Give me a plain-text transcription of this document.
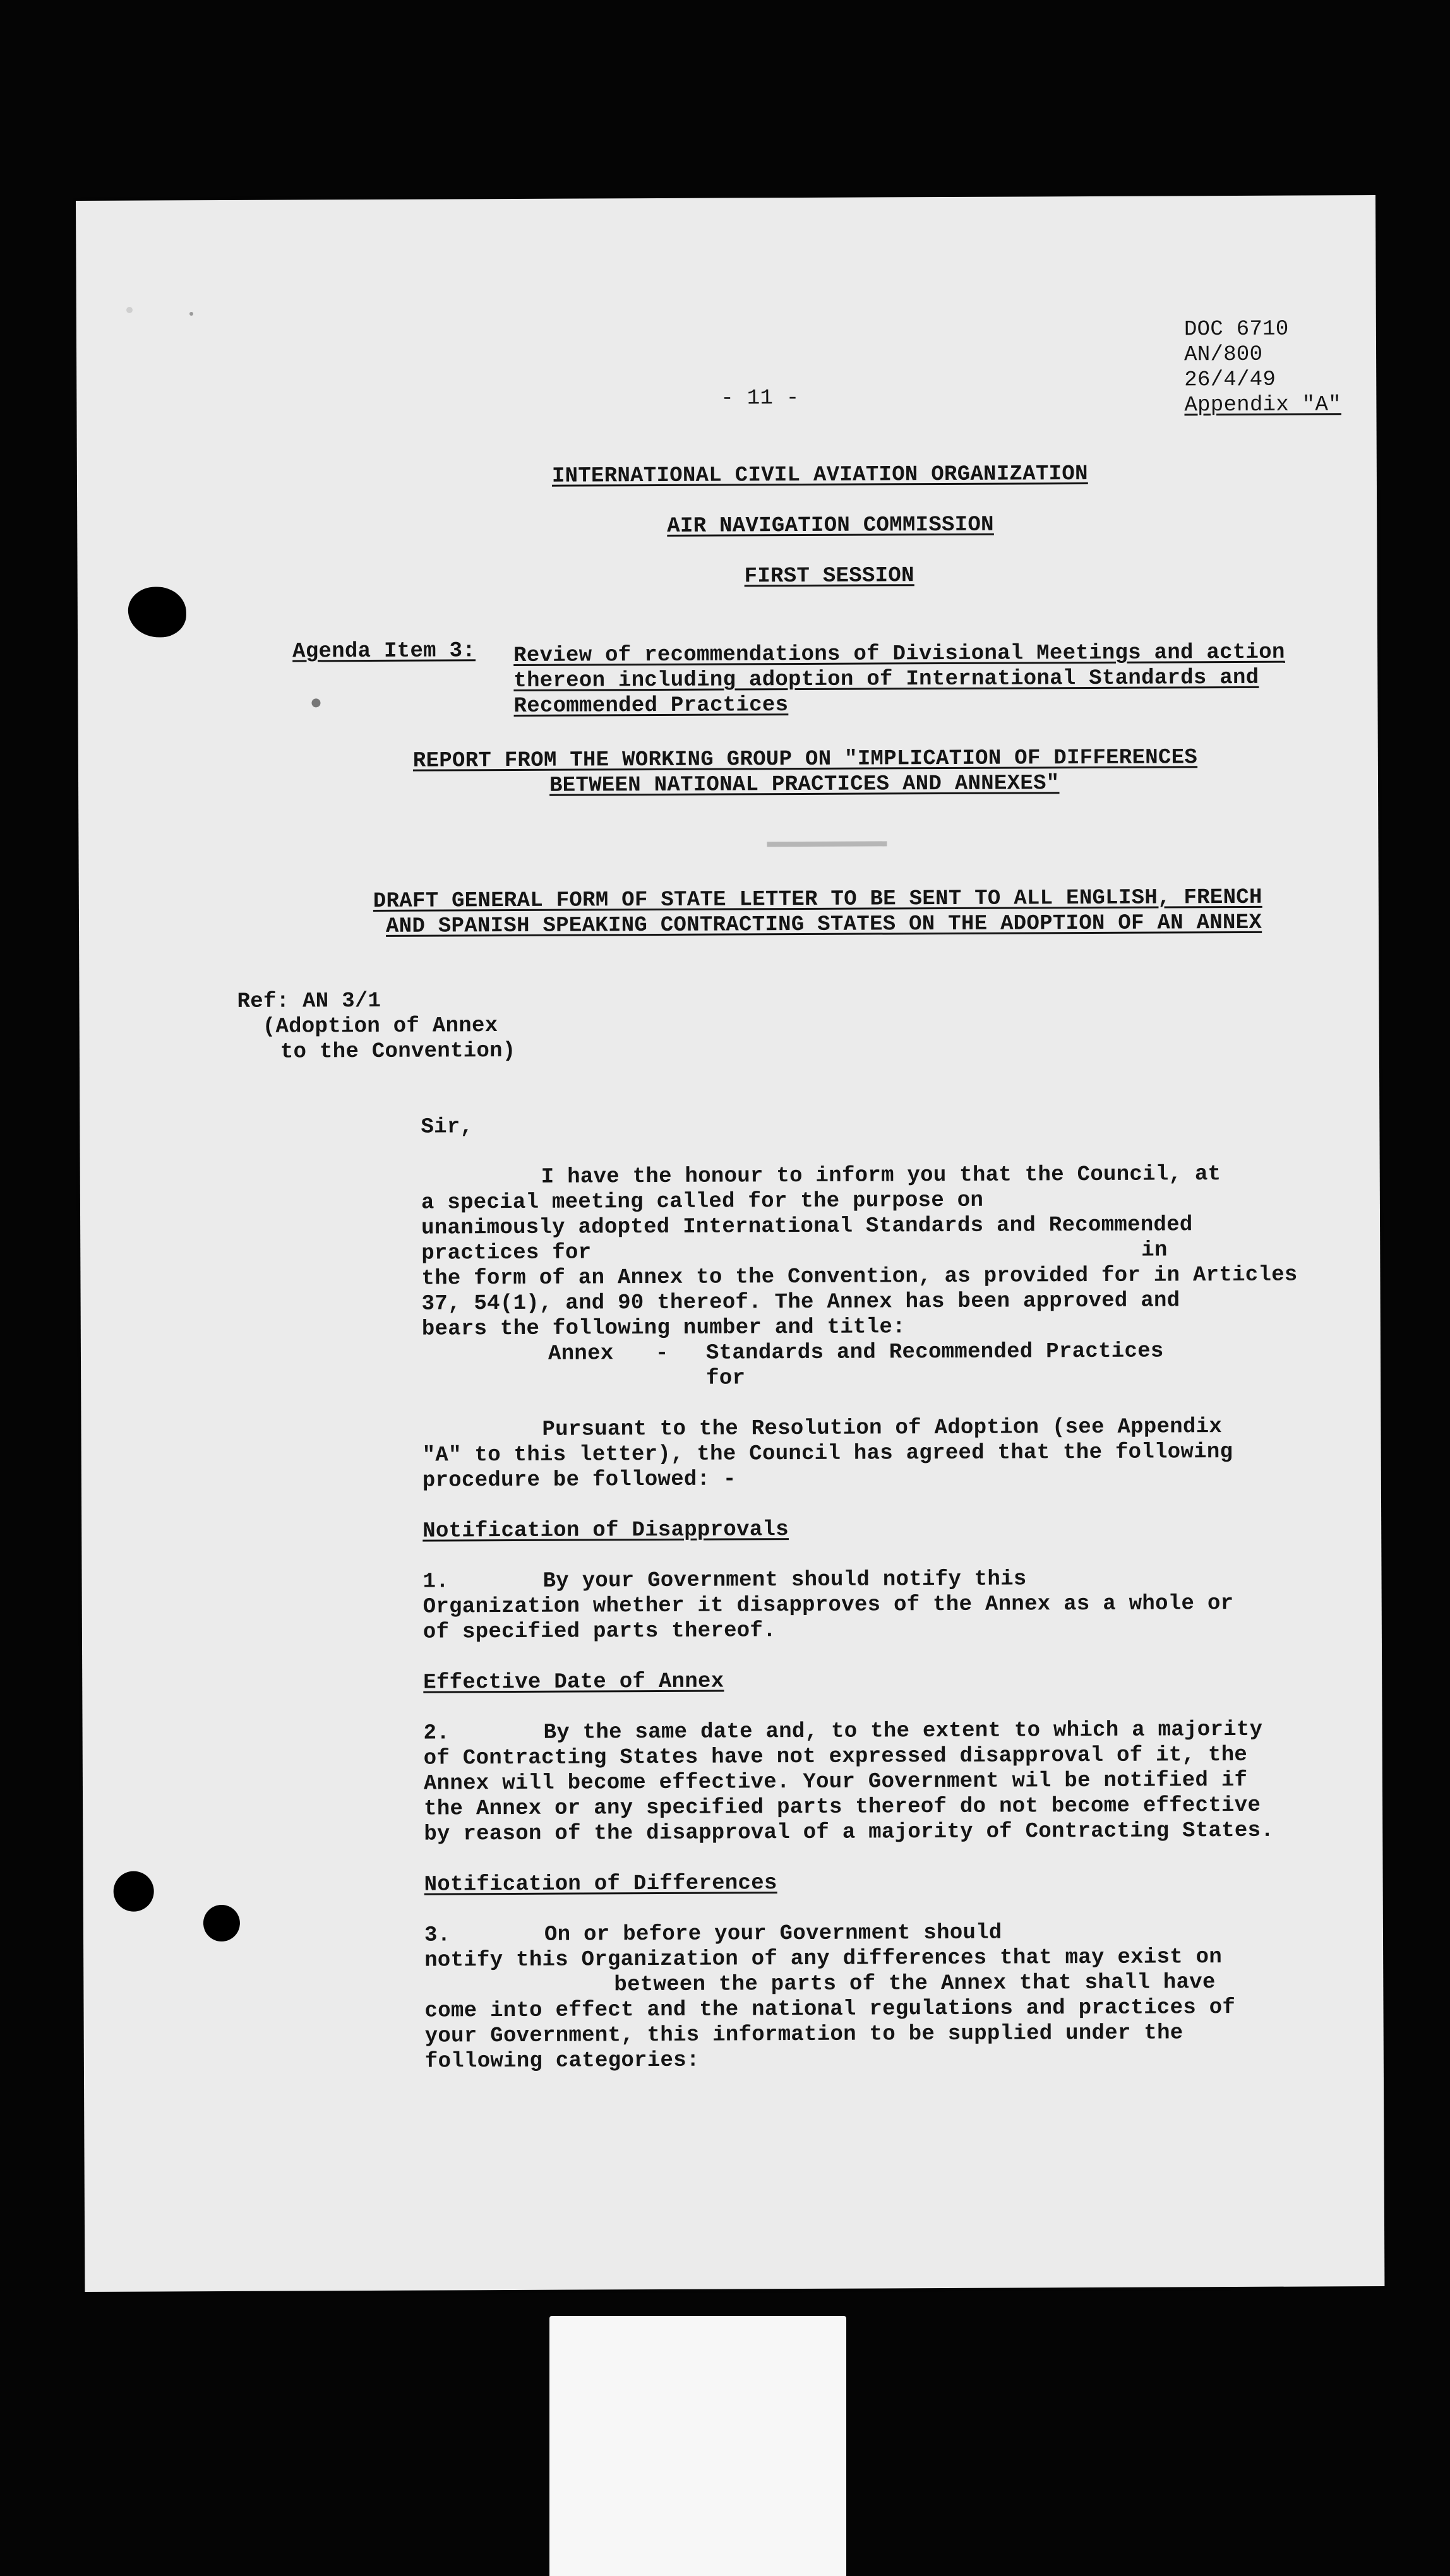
DOC 6710
AN/800
26/4/49
Appendix "A"
- 11 -
INTERNATIONAL CIVIL AVIATION ORGANIZATION
AIR NAVIGATION COMMISSION
FIRST SESSION
Agenda Item 3: Review of recommendations of Divisional Meetings and action
thereon including adoption of International Standards and
Recommended Practices
REPORT FROM THE WORKING GROUP ON "IMPLICATION OF DIFFERENCES
BETWEEN NATIONAL PRACTICES AND ANNEXES"
DRAFT GENERAL FORM OF STATE LETTER TO BE SENT TO ALL ENGLISH, FRENCH
AND SPANISH SPEAKING CONTRACTING STATES ON THE ADOPTION OF AN ANNEX
Ref: AN 3/1
(Adoption of Annex
to the Convention)
Sir,
I have the honour to inform you that the Council, at
a special meeting called for the purpose on
unanimously adopted International Standards and Recommended
practices for	in
the form of an Annex to the Convention, as provided for in Articles
37, 54(1), and 90 thereof. The Annex has been approved and
bears the following number and title:
Annex - Standards and Recommended Practices
for
Pursuant to the Resolution of Adoption (see Appendix
"A" to this letter), the Council has agreed that the following
procedure be followed: -
Notification of Disapprovals
1.	By your Government should notify this
Organization whether it disapproves of the Annex as a whole or
of specified parts thereof.
Effective Date of Annex
2.	By the same date and, to the extent to which a majority
of Contracting States have not expressed disapproval of it, the
Annex will become effective. Your Government wil be notified if
the Annex or any specified parts thereof do not become effective
by reason of the disapproval of a majority of Contracting States.
Notification of Differences
3.	On or before your Government should
notify this Organization of any differences that may exist on
between the parts of the Annex that shall have
come into effect and the national regulations and practices of
your Government, this information to be supplied under the
following categories:
